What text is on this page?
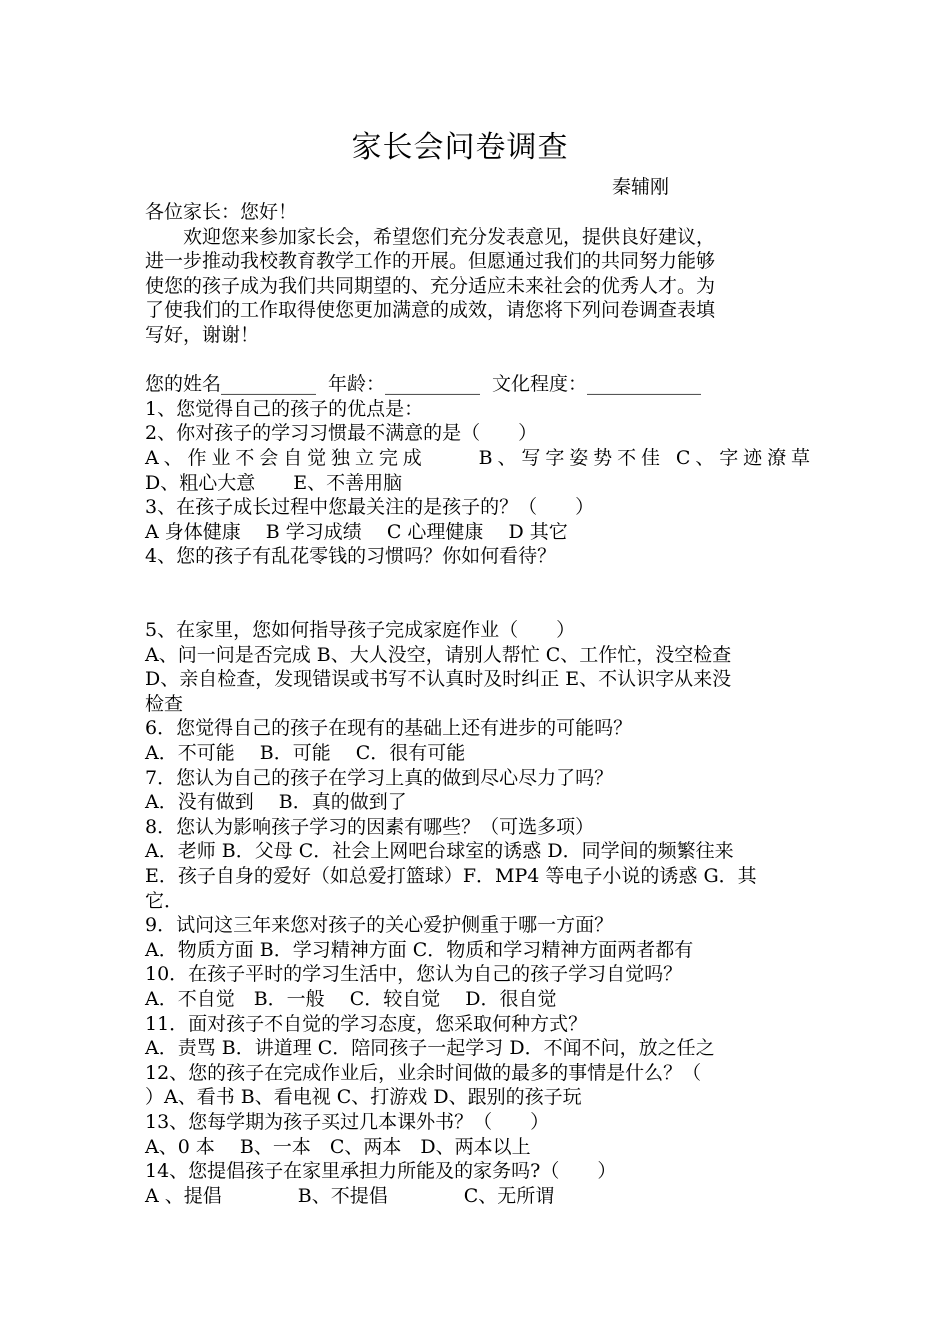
家长会问卷调查
秦辅刚
各位家长：您好！
欢迎您来参加家长会，希望您们充分发表意见，提供良好建议，
进一步推动我校教育教学工作的开展。但愿通过我们的共同努力能够
使您的孩子成为我们共同期望的、充分适应未来社会的优秀人才。为
了使我们的工作取得使您更加满意的成效，请您将下列问卷调查表填
写好，谢谢！
您的姓名__________ 年龄：__________ 文化程度：____________
1、您觉得自己的孩子的优点是：
2、你对孩子的学习习惯最不满意的是（　　）
A、作业不会自觉独立完成	B、写字姿势不佳 C、字迹潦草
D、粗心大意　　E、不善用脑
3、在孩子成长过程中您最关注的是孩子的？（　　）
A 身体健康　 B 学习成绩　 C 心理健康　 D 其它
4、您的孩子有乱花零钱的习惯吗？你如何看待？
5、在家里，您如何指导孩子完成家庭作业（　　）
A、问一问是否完成 B、大人没空，请别人帮忙 C、工作忙，没空检查
D、亲自检查，发现错误或书写不认真时及时纠正 E、不认识字从来没
检查
6．您觉得自己的孩子在现有的基础上还有进步的可能吗？
A．不可能　 B．可能　 C．很有可能
7．您认为自己的孩子在学习上真的做到尽心尽力了吗？
A．没有做到　 B．真的做到了
8．您认为影响孩子学习的因素有哪些？（可选多项）
A．老师 B．父母 C．社会上网吧台球室的诱惑 D．同学间的频繁往来
E．孩子自身的爱好（如总爱打篮球）F．MP4 等电子小说的诱惑 G．其
它．
9．试问这三年来您对孩子的关心爱护侧重于哪一方面？
A．物质方面 B．学习精神方面 C．物质和学习精神方面两者都有
10．在孩子平时的学习生活中，您认为自己的孩子学习自觉吗？
A．不自觉　B．一般　 C．较自觉　 D．很自觉
11．面对孩子不自觉的学习态度，您采取何种方式？
A．责骂 B．讲道理 C．陪同孩子一起学习 D．不闻不问，放之任之
12、您的孩子在完成作业后，业余时间做的最多的事情是什么？（
）A、看书 B、看电视 C、打游戏 D、跟别的孩子玩
13、您每学期为孩子买过几本课外书？（　　）
A、0 本　 B、一本　C、两本　D、两本以上
14、您提倡孩子在家里承担力所能及的家务吗?（　　）
A 、提倡　　　　B、不提倡　　　　C、无所谓
